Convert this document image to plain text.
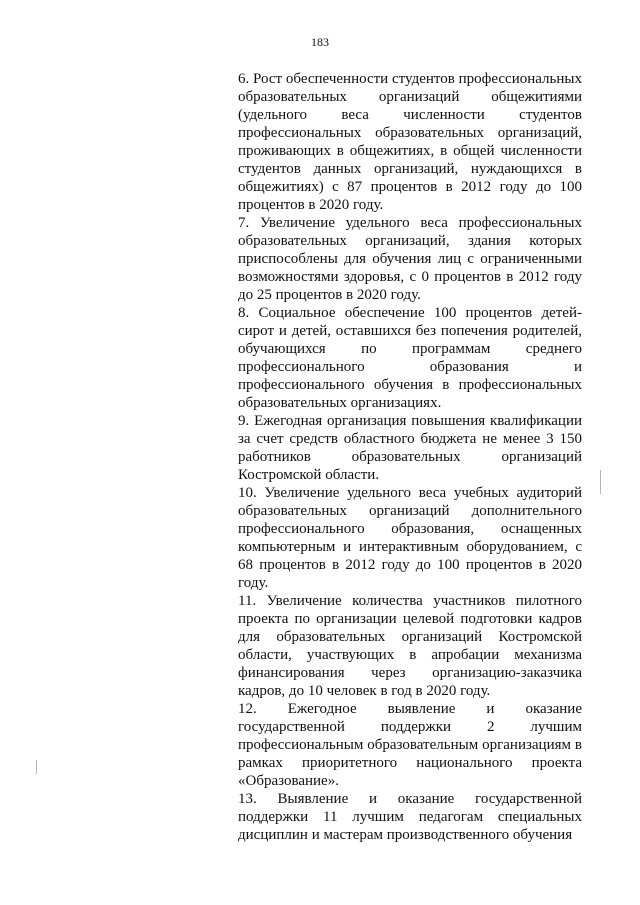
183

6. Рост обеспеченности студентов профессиональных образовательных организаций общежитиями (удельного веса численности студентов профессиональных образовательных организаций, проживающих в общежитиях, в общей численности студентов данных организаций, нуждающихся в общежитиях) с 87 процентов в 2012 году до 100 процентов в 2020 году.

7. Увеличение удельного веса профессиональных образовательных организаций, здания которых приспособлены для обучения лиц с ограниченными возможностями здоровья, с 0 процентов в 2012 году до 25 процентов в 2020 году.

8. Социальное обеспечение 100 процентов детей-сирот и детей, оставшихся без попечения родителей, обучающихся по программам среднего профессионального образования и профессионального обучения в профессиональных образовательных организациях.

9. Ежегодная организация повышения квалификации за счет средств областного бюджета не менее 3 150 работников образовательных организаций Костромской области.

10. Увеличение удельного веса учебных аудиторий образовательных организаций дополнительного профессионального образования, оснащенных компьютерным и интерактивным оборудованием, с 68 процентов в 2012 году до 100 процентов в 2020 году.

11. Увеличение количества участников пилотного проекта по организации целевой подготовки кадров для образовательных организаций Костромской области, участвующих в апробации механизма финансирования через организацию-заказчика кадров, до 10 человек в год в 2020 году.

12. Ежегодное выявление и оказание государственной поддержки 2 лучшим профессиональным образовательным организациям в рамках приоритетного национального проекта «Образование».

13. Выявление и оказание государственной поддержки 11 лучшим педагогам специальных дисциплин и мастерам производственного обучения
